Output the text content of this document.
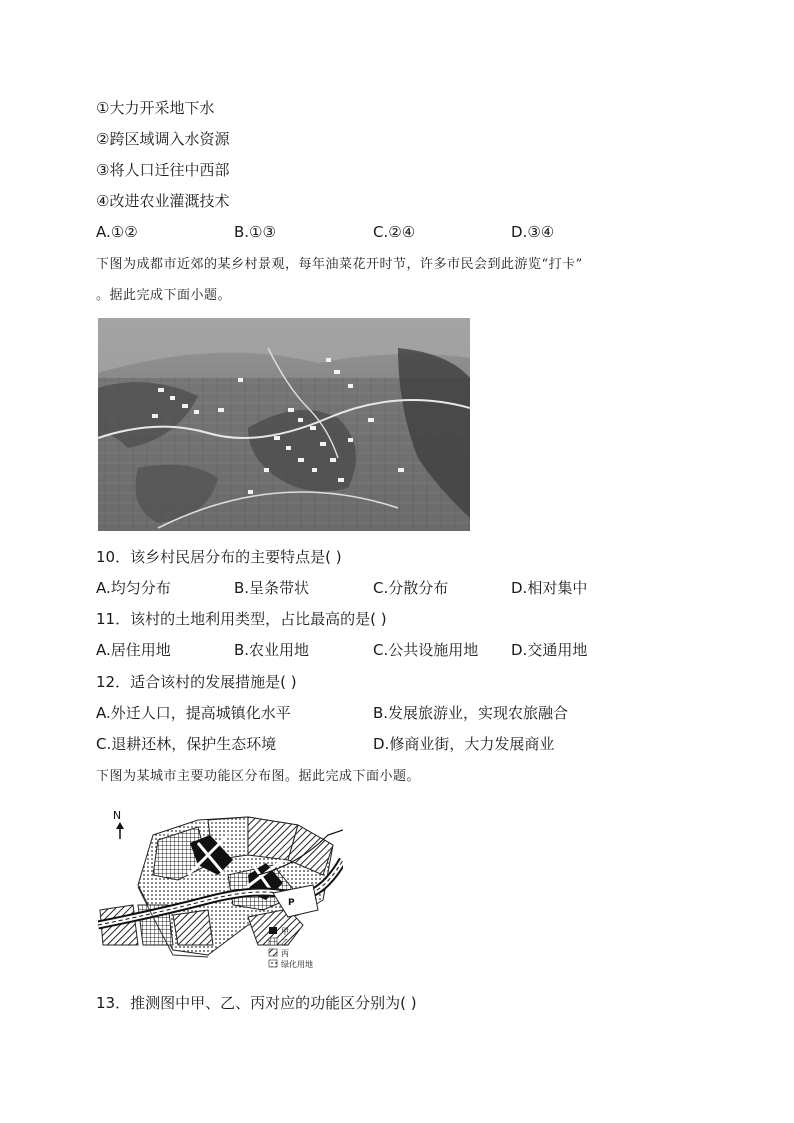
①大力开采地下水
②跨区域调入水资源
③将人口迁往中西部
④改进农业灌溉技术
A.①②	B.①③	C.②④	D.③④
下图为成都市近郊的某乡村景观，每年油菜花开时节，许多市民会到此游览“打卡”
。据此完成下面小题。
10．该乡村民居分布的主要特点是( )
A.均匀分布	B.呈条带状	C.分散分布	D.相对集中
11．该村的土地利用类型，占比最高的是( )
A.居住用地	B.农业用地	C.公共设施用地 D.交通用地
12．适合该村的发展措施是( )
A.外迁人口，提高城镇化水平	B.发展旅游业，实现农旅融合
C.退耕还林，保护生态环境	D.修商业街，大力发展商业
下图为某城市主要功能区分布图。据此完成下面小题。
N
P
甲
乙
丙
绿化用地
13．推测图中甲、乙、丙对应的功能区分别为( )
